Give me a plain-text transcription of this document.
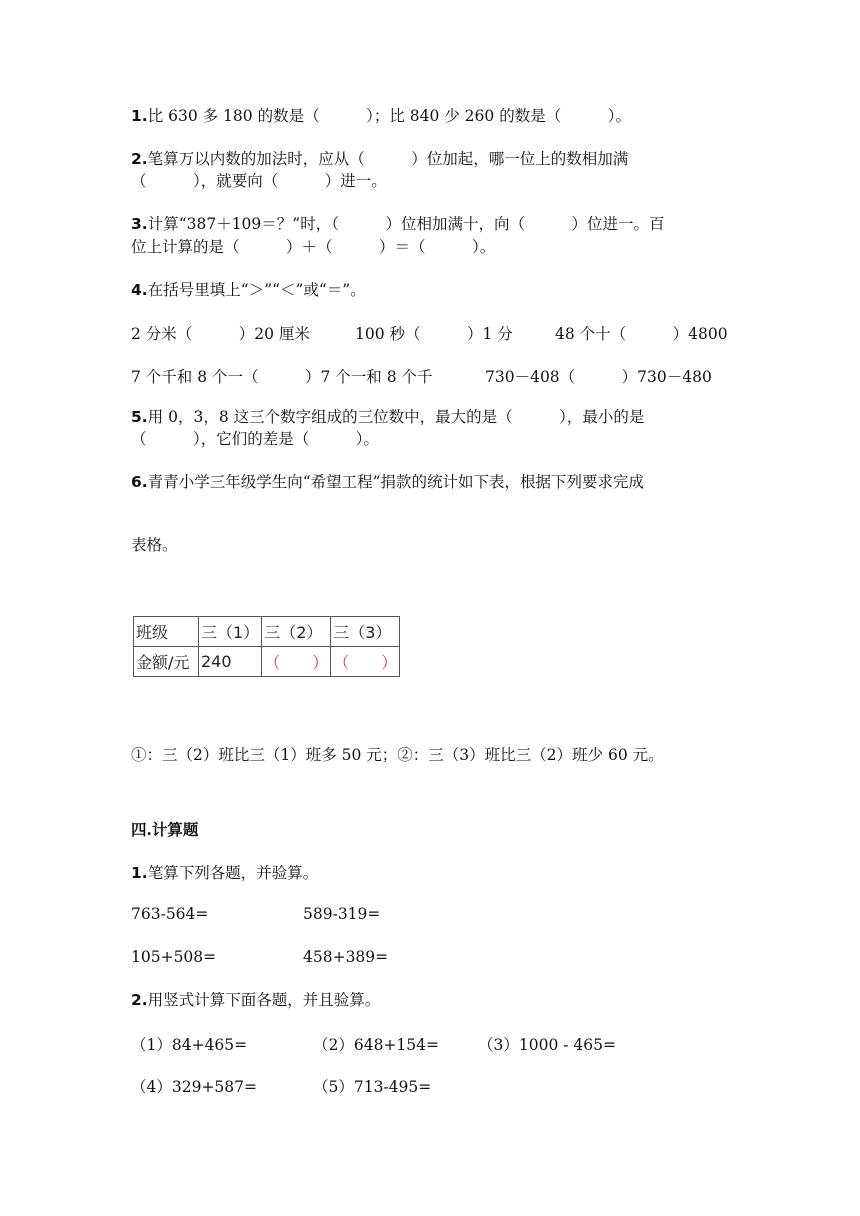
1.比 630 多 180 的数是（　　　）；比 840 少 260 的数是（　　　）。
2.笔算万以内数的加法时，应从（　　　）位加起，哪一位上的数相加满
（　　　），就要向（　　　）进一。
3.计算“387＋109＝？”时，（　　　）位相加满十，向（　　　）位进一。百
位上计算的是（　　　）＋（　　　）＝（　　　）。
4.在括号里填上“＞”“＜”或“＝”。
2 分米（　　　）20 厘米	100 秒（　　　）1 分	48 个十（　　　）4800
7 个千和 8 个一（　　　）7 个一和 8 个千	730－408（　　　）730－480
5.用 0，3，8 这三个数字组成的三位数中，最大的是（　　　），最小的是
（　　　），它们的差是（　　　）。
6.青青小学三年级学生向“希望工程”捐款的统计如下表，根据下列要求完成
表格。
班级	三（1）	三（2）	三（3）
金额/元	240	（　　）	（　　）
①：三（2）班比三（1）班多 50 元；②：三（3）班比三（2）班少 60 元。
四.计算题
1.笔算下列各题，并验算。
763-564=	589-319=
105+508=	458+389=
2.用竖式计算下面各题，并且验算。
（1）84+465=	（2）648+154=	（3）1000 - 465=
（4）329+587=	（5）713-495=
